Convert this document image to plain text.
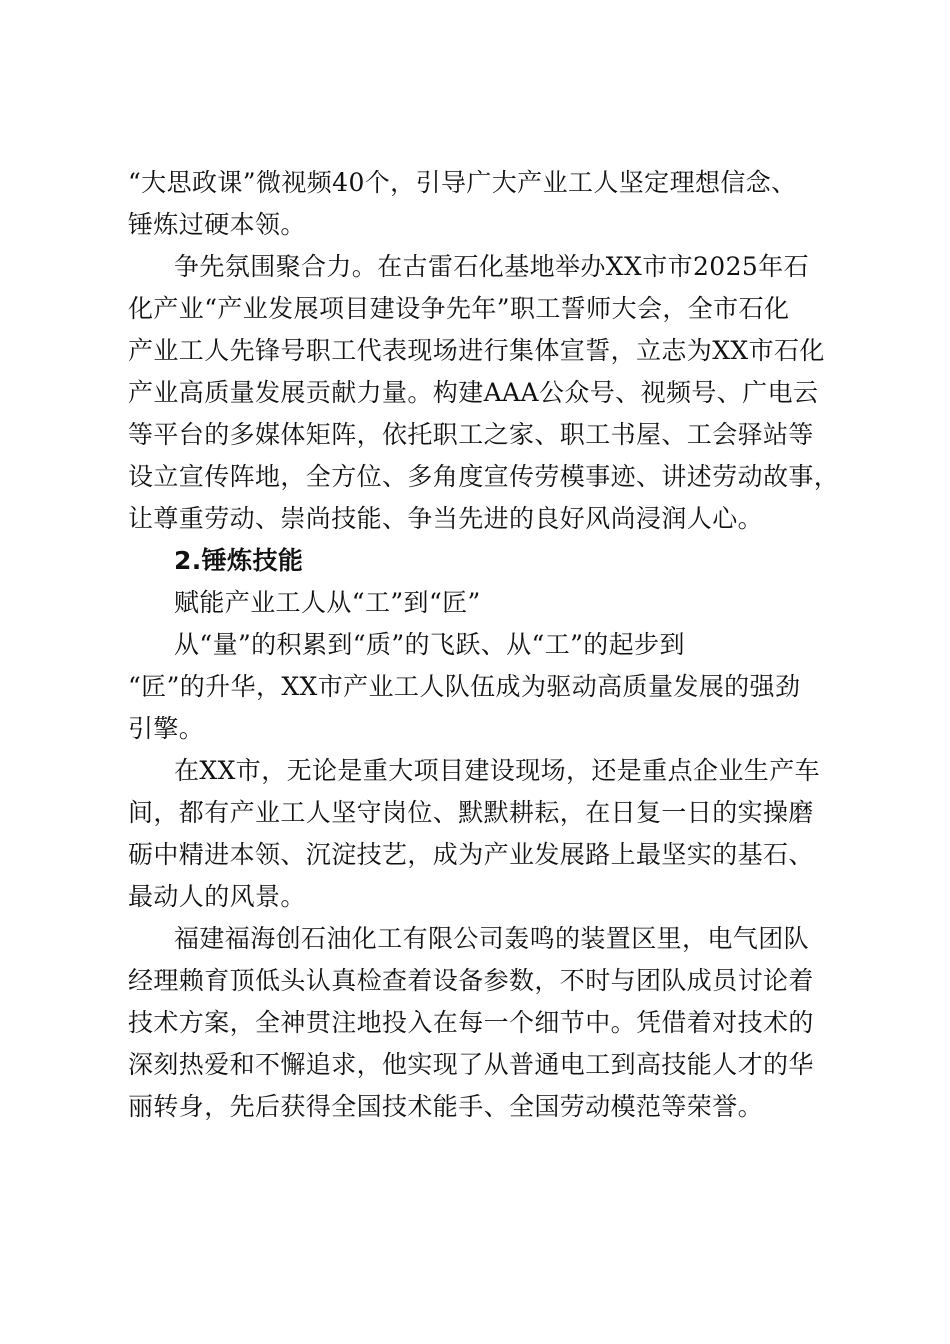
“大思政课”微视频40个，引导广大产业工人坚定理想信念、
锤炼过硬本领。
争先氛围聚合力。在古雷石化基地举办XX市市2025年石
化产业“产业发展项目建设争先年”职工誓师大会，全市石化
产业工人先锋号职工代表现场进行集体宣誓，立志为XX市石化
产业高质量发展贡献力量。构建AAA公众号、视频号、广电云
等平台的多媒体矩阵，依托职工之家、职工书屋、工会驿站等
设立宣传阵地，全方位、多角度宣传劳模事迹、讲述劳动故事，
让尊重劳动、崇尚技能、争当先进的良好风尚浸润人心。
2.锤炼技能
赋能产业工人从“工”到“匠”
从“量”的积累到“质”的飞跃、从“工”的起步到
“匠”的升华，XX市产业工人队伍成为驱动高质量发展的强劲
引擎。
在XX市，无论是重大项目建设现场，还是重点企业生产车
间，都有产业工人坚守岗位、默默耕耘，在日复一日的实操磨
砺中精进本领、沉淀技艺，成为产业发展路上最坚实的基石、
最动人的风景。
福建福海创石油化工有限公司轰鸣的装置区里，电气团队
经理赖育顶低头认真检查着设备参数，不时与团队成员讨论着
技术方案，全神贯注地投入在每一个细节中。凭借着对技术的
深刻热爱和不懈追求，他实现了从普通电工到高技能人才的华
丽转身，先后获得全国技术能手、全国劳动模范等荣誉。
